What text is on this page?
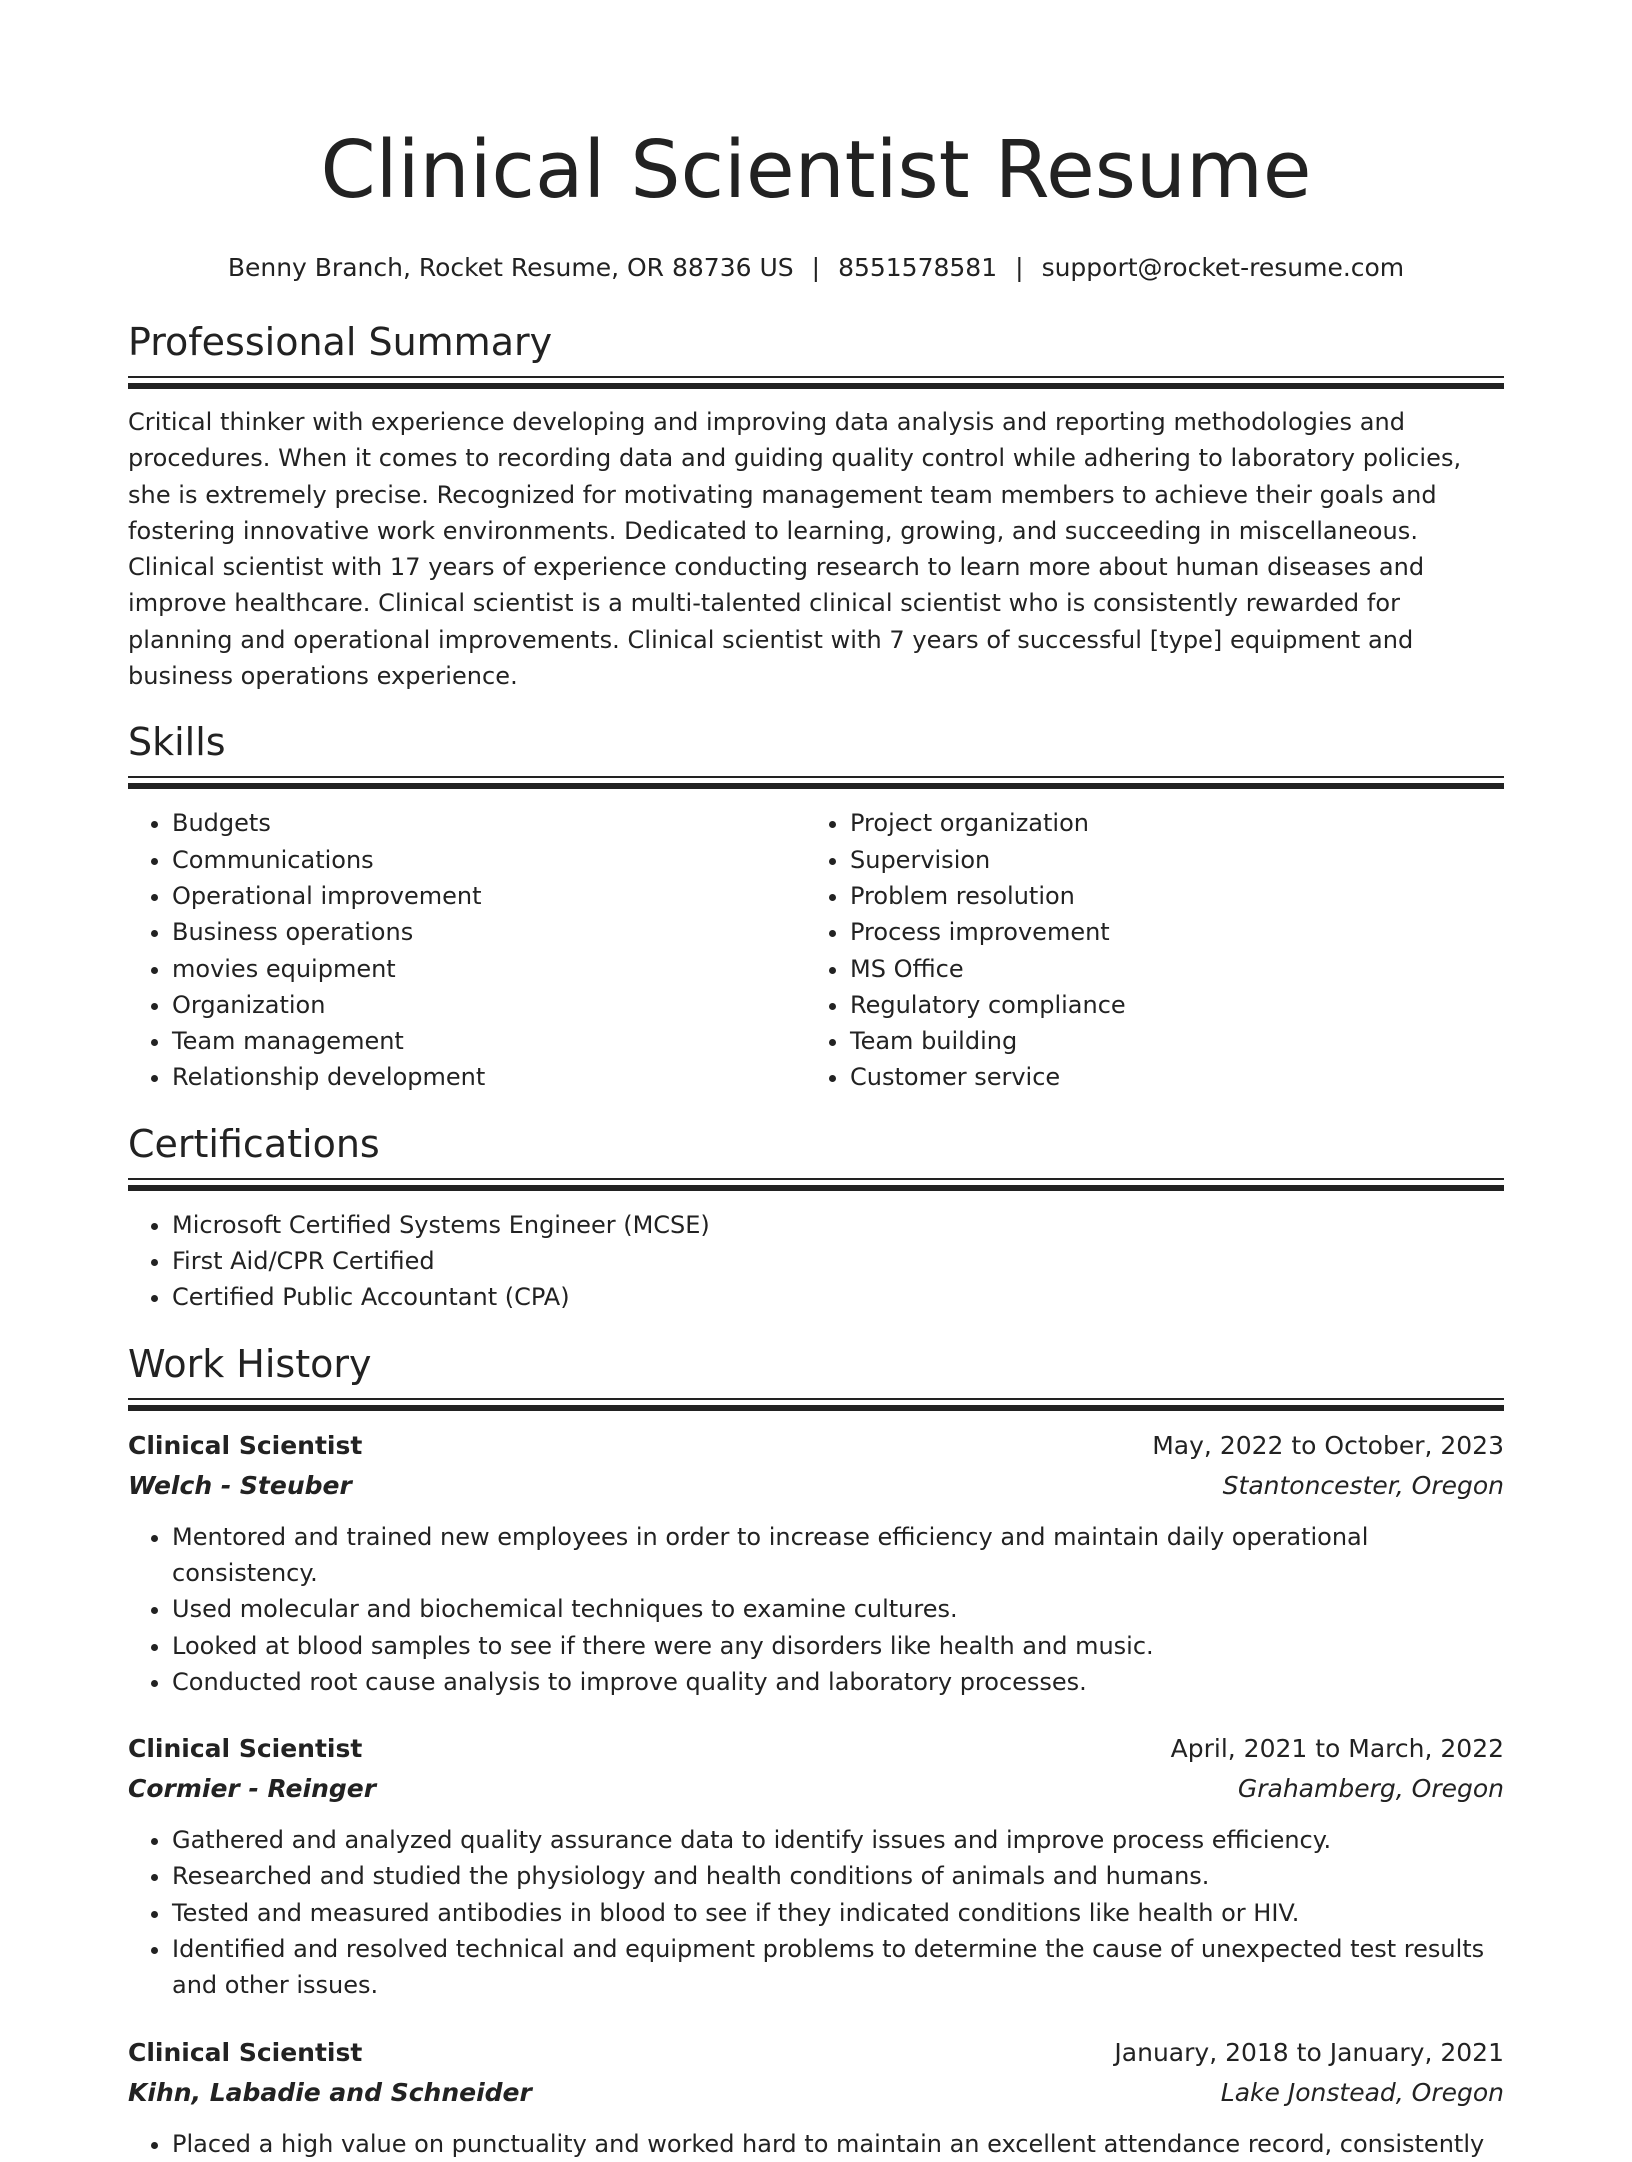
Clinical Scientist Resume
Benny Branch, Rocket Resume, OR 88736 US | 8551578581 | support@rocket-resume.com
Professional Summary

Critical thinker with experience developing and improving data analysis and reporting methodologies and procedures. When it comes to recording data and guiding quality control while adhering to laboratory policies, she is extremely precise. Recognized for motivating management team members to achieve their goals and fostering innovative work environments. Dedicated to learning, growing, and succeeding in miscellaneous. Clinical scientist with 17 years of experience conducting research to learn more about human diseases and improve healthcare. Clinical scientist is a multi-talented clinical scientist who is consistently rewarded for planning and operational improvements. Clinical scientist with 7 years of successful [type] equipment and business operations experience.

Skills
• Budgets
• Communications
• Operational improvement
• Business operations
• movies equipment
• Organization
• Team management
• Relationship development
• Project organization
• Supervision
• Problem resolution
• Process improvement
• MS Office
• Regulatory compliance
• Team building
• Customer service
Certifications
• Microsoft Certified Systems Engineer (MCSE)
• First Aid/CPR Certified
• Certified Public Accountant (CPA)
Work History
Clinical Scientist	May, 2022 to October, 2023
Welch - Steuber	Stantoncester, Oregon
• Mentored and trained new employees in order to increase efficiency and maintain daily operational consistency.
• Used molecular and biochemical techniques to examine cultures.
• Looked at blood samples to see if there were any disorders like health and music.
• Conducted root cause analysis to improve quality and laboratory processes.
Clinical Scientist	April, 2021 to March, 2022
Cormier - Reinger	Grahamberg, Oregon
• Gathered and analyzed quality assurance data to identify issues and improve process efficiency.
• Researched and studied the physiology and health conditions of animals and humans.
• Tested and measured antibodies in blood to see if they indicated conditions like health or HIV.
• Identified and resolved technical and equipment problems to determine the cause of unexpected test results and other issues.
Clinical Scientist	January, 2018 to January, 2021
Kihn, Labadie and Schneider	Lake Jonstead, Oregon
• Placed a high value on punctuality and worked hard to maintain an excellent attendance record, consistently
